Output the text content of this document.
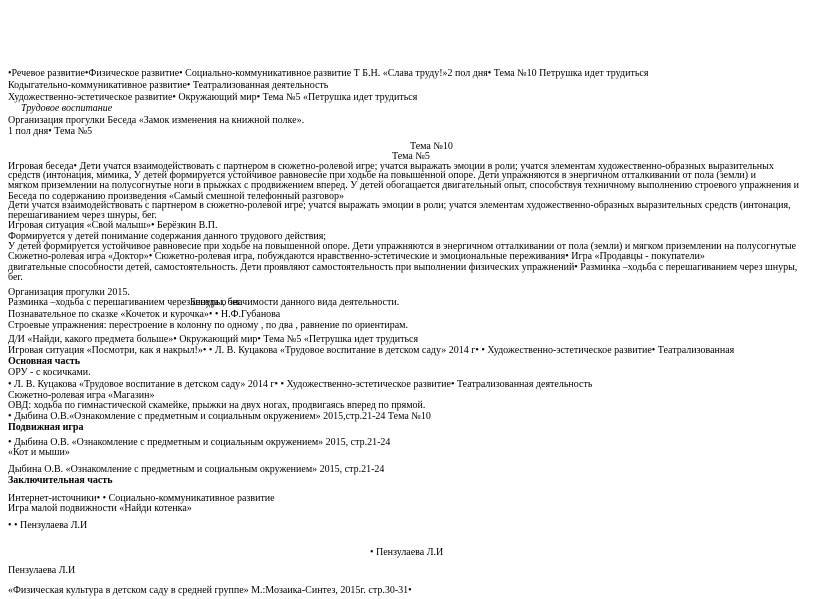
•Речевое развитие•Физическое развитие• Социально-коммуникативное развитие Т Б.Н. «Слава труду!»2 пол дня• Тема №10 Петрушка идет трудиться
Кодыгательно-коммуникативное развитие• Театрализованная деятельность
Художественно-эстетическое развитие• Окружающий мир• Тема №5 «Петрушка идет трудиться
Трудовое воспитание
Организация прогулки Беседа «Замок изменения на книжной полке».
1 пол дня• Тема №5
Тема №10
Тема №5
Игровая беседа• Дети учатся взаимодействовать с партнером в сюжетно-ролевой игре; учатся выражать эмоции в роли; учатся элементам художественно-образных выразительных
средств (интонация, мимика, У детей формируется устойчивое равновесие при ходьбе на повышенной опоре. Дети упражняются в энергичном отталкивании от пола (земли) и
мягком приземлении на полусогнутые ноги в прыжках с продвижением вперед. У детей обогащается двигательный опыт, способствуя техничному выполнению строевого упражнения и
Беседа по содержанию произведения «Самый смешной телефонный разговор»
Дети учатся взаимодействовать с партнером в сюжетно-ролевой игре; учатся выражать эмоции в роли; учатся элементам художественно-образных выразительных средств (интонация,
перешагиванием через шнуры, бег.
Игровая ситуация «Свой малыш»• Берёзкин В.П.
Формируется у детей понимание содержания данного трудового действия;
У детей формируется устойчивое равновесие при ходьбе на повышенной опоре. Дети упражняются в энергичном отталкивании от пола (земли) и мягком приземлении на полусогнутые
Сюжетно-ролевая игра «Доктор»• Сюжетно-ролевая игра, побуждаются нравственно-эстетические и эмоциональные переживания• Игра «Продавцы - покупатели»
двигательные способности детей, самостоятельность. Дети проявляют самостоятельность при выполнении физических упражнений• Разминка –ходьба с перешагиванием через шнуры,
бег.
Организация прогулки 2015.
Разминка –ходьба с перешагиванием через шнуры, бег.
Беседа о значимости данного вида деятельности.
Познавательное по сказке «Кочеток и курочка»• • Н.Ф.Губанова
Строевые упражнения: перестроение в колонну по одному , по два , равнение по ориентирам.
Д/И «Найди, какого предмета больше»• Окружающий мир• Тема №5 «Петрушка идет трудиться
Игровая ситуация «Посмотри, как я накрыл!»• • Л. В. Куцакова «Трудовое воспитание в детском саду» 2014 г• • Художественно-эстетическое развитие• Театрализованная
Основная часть
ОРУ - с косичками.
• Л. В. Куцакова «Трудовое воспитание в детском саду» 2014 г• • Художественно-эстетическое развитие• Театрализованная деятельность
Сюжетно-ролевая игра «Магазин»
ОВД: ходьба по гимнастической скамейке, прыжки на двух ногах, продвигаясь вперед по прямой.
• Дыбина О.В.«Ознакомление с предметным и социальным окружением» 2015,стр.21-24 Тема №10
Подвижная игра
• Дыбина О.В. «Ознакомление с предметным и социальным окружением» 2015, стр.21-24
«Кот и мыши»
Дыбина О.В. «Ознакомление с предметным и социальным окружением» 2015, стр.21-24
Заключительная часть
Интернет-источники• • Социально-коммуникативное развитие
Игра малой подвижности «Найди котенка»
• • Пензулаева Л.И
• Пензулаева Л.И
Пензулаева Л.И
«Физическая культура в детском саду в средней группе» М.:Мозаика-Синтез, 2015г. стр.30-31•
